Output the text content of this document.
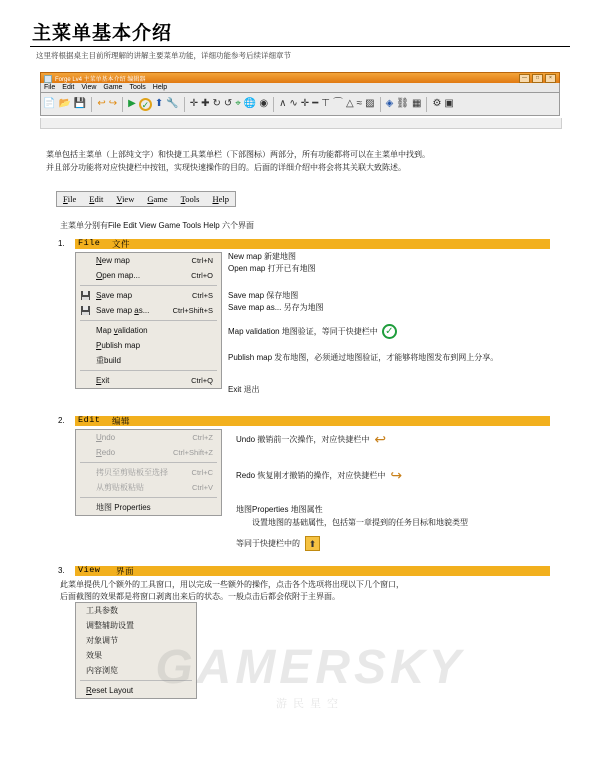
主菜单基本介绍
这里将根据桌主目前所理解的讲解主要菜单功能，详细功能参考后续详细章节
Forge Lv4 主菜单基本介绍 编辑器	—	□	×
File Edit View Game Tools Help
📄 📂 💾 ↩ ↪ ▶ ✓ ⬆ 🔧 ✛ ✚ ↻ ↺ ⌖ 🌐 ◉ ∧ ∿ ✛ ━ ⊤ ⌒ △ ≈ ▨ ◈ ⛓ ▦ ⚙ ▣
菜单包括主菜单（上部纯文字）和快捷工具菜单栏（下部图标）两部分，所有功能都将可以在主菜单中找到。
并且部分功能将对应快捷栏中按钮，实现快速操作的目的。后面的详细介绍中将会将其关联大致陈述。
File Edit View Game Tools Help
主菜单分别有File Edit View Game Tools Help 六个界面
1. File 文件
New map	Ctrl+N
Open map...	Ctrl+O
Save map	Ctrl+S
Save map as...	Ctrl+Shift+S
Map validation
Publish map
重build
Exit	Ctrl+Q
New map 新建地图
Open map 打开已有地图
Save map 保存地图
Save map as... 另存为地图
Map validation 地图验证，等同于快捷栏中 ✓
Publish map 发布地图，必须通过地图验证，才能够将地图发布到网上分享。
Exit 退出
2. Edit 编辑
Undo	Ctrl+Z
Redo	Ctrl+Shift+Z
拷贝至剪贴板至选择	Ctrl+C
从剪贴板粘贴	Ctrl+V
地图 Properties
Undo 撤销前一次操作，对应快捷栏中 ↩
Redo 恢复刚才撤销的操作，对应快捷栏中 ↪
地图Properties 地图属性
设置地图的基础属性，包括第一章提到的任务目标和地貌类型
等同于快捷栏中的 ⬆
3. View 界面
此菜单提供几个额外的工具窗口，用以完成一些额外的操作，点击各个选项将出现以下几个窗口，
后面截图的效果都是将窗口剥离出来后的状态。一般点击后都会依附于主界面。
工具参数
调整辅助设置
对象调节
效果
内容浏览
Reset Layout GAMERSKY
游民星空
